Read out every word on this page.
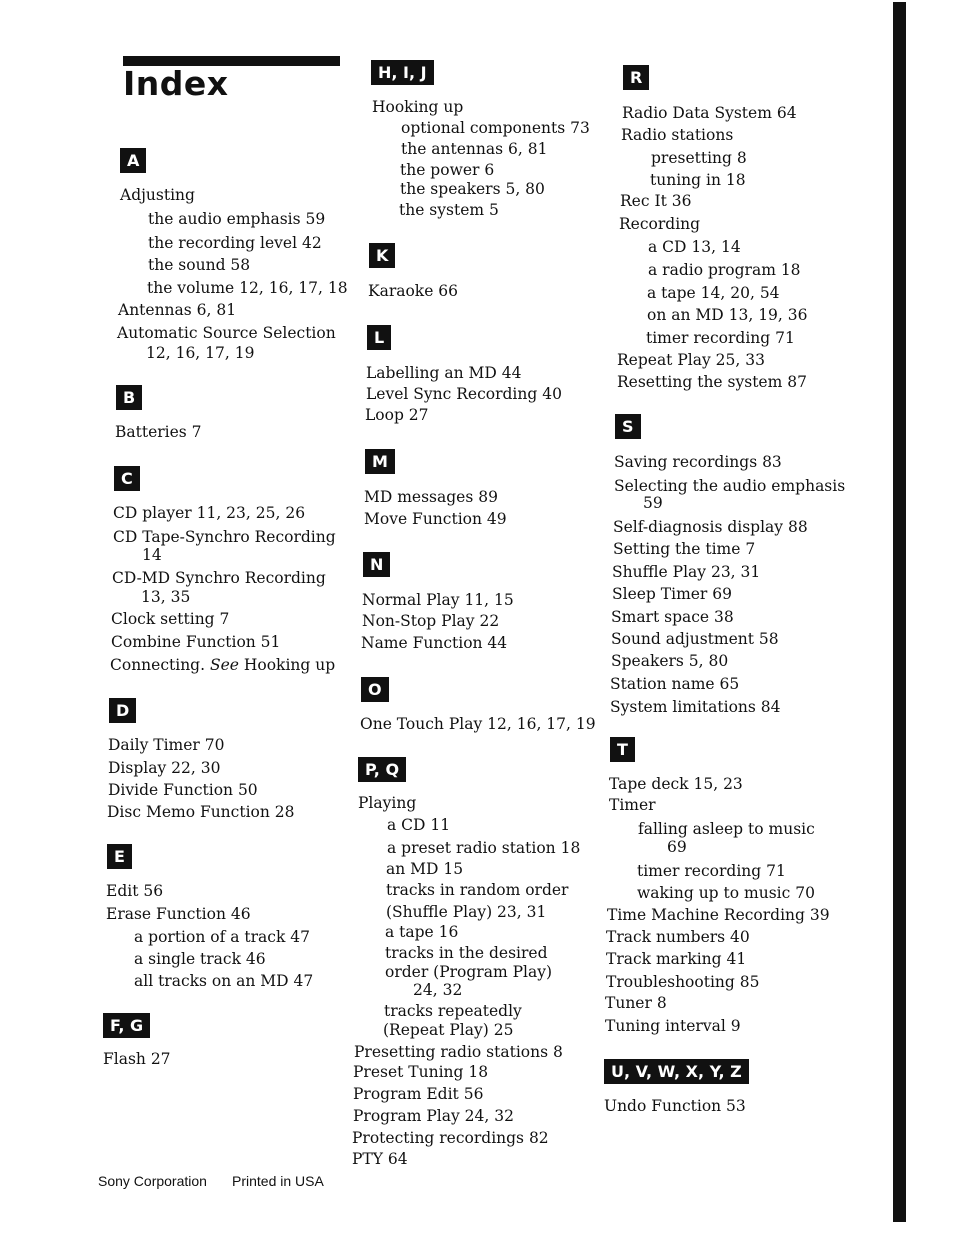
Index
A
Adjusting
the audio emphasis 59
the recording level 42
the sound 58
the volume 12, 16, 17, 18
Antennas 6, 81
Automatic Source Selection
12, 16, 17, 19
B
Batteries 7
C
CD player 11, 23, 25, 26
CD Tape-Synchro Recording
14
CD-MD Synchro Recording
13, 35
Clock setting 7
Combine Function 51
Connecting. See Hooking up
D
Daily Timer 70
Display 22, 30
Divide Function 50
Disc Memo Function 28
E
Edit 56
Erase Function 46
a portion of a track 47
a single track 46
all tracks on an MD 47
F, G
Flash 27
H, I, J
Hooking up
optional components 73
the antennas 6, 81
the power 6
the speakers 5, 80
the system 5
K
Karaoke 66
L
Labelling an MD 44
Level Sync Recording 40
Loop 27
M
MD messages 89
Move Function 49
N
Normal Play 11, 15
Non-Stop Play 22
Name Function 44
O
One Touch Play 12, 16, 17, 19
P, Q
Playing
a CD 11
a preset radio station 18
an MD 15
tracks in random order
(Shuffle Play) 23, 31
a tape 16
tracks in the desired
order (Program Play)
24, 32
tracks repeatedly
(Repeat Play) 25
Presetting radio stations 8
Preset Tuning 18
Program Edit 56
Program Play 24, 32
Protecting recordings 82
PTY 64
R
Radio Data System 64
Radio stations
presetting 8
tuning in 18
Rec It 36
Recording
a CD 13, 14
a radio program 18
a tape 14, 20, 54
on an MD 13, 19, 36
timer recording 71
Repeat Play 25, 33
Resetting the system 87
S
Saving recordings 83
Selecting the audio emphasis
59
Self-diagnosis display 88
Setting the time 7
Shuffle Play 23, 31
Sleep Timer 69
Smart space 38
Sound adjustment 58
Speakers 5, 80
Station name 65
System limitations 84
T
Tape deck 15, 23
Timer
falling asleep to music
69
timer recording 71
waking up to music 70
Time Machine Recording 39
Track numbers 40
Track marking 41
Troubleshooting 85
Tuner 8
Tuning interval 9
U, V, W, X, Y, Z
Undo Function 53
Sony Corporation Printed in USA
